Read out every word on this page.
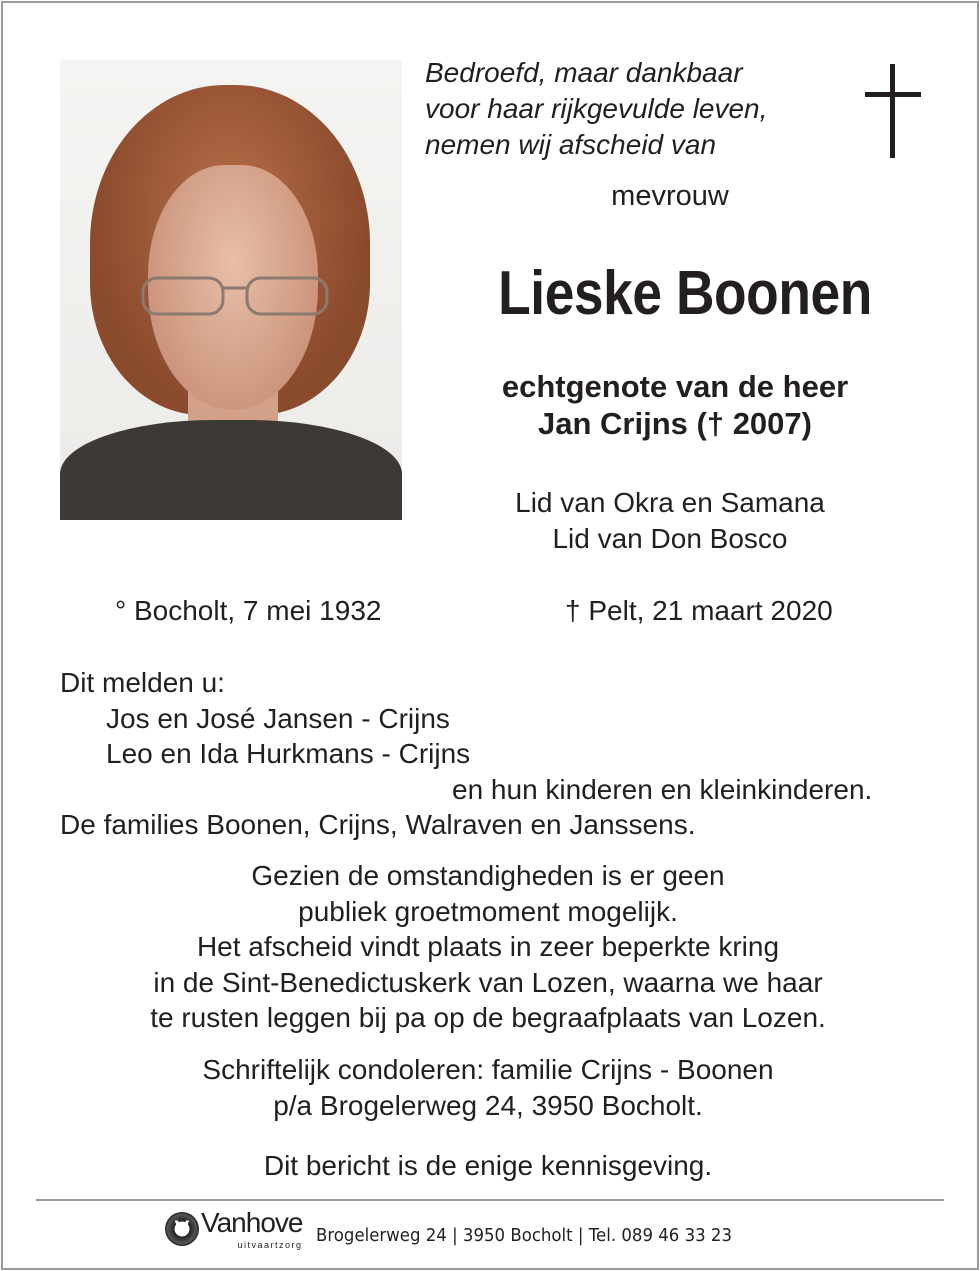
Bedroefd, maar dankbaar
voor haar rijkgevulde leven,
nemen wij afscheid van
mevrouw
Lieske Boonen
echtgenote van de heer
Jan Crijns († 2007)
Lid van Okra en Samana
Lid van Don Bosco
° Bocholt, 7 mei 1932	† Pelt, 21 maart 2020
Dit melden u:
Jos en José Jansen - Crijns
Leo en Ida Hurkmans - Crijns
en hun kinderen en kleinkinderen.
De families Boonen, Crijns, Walraven en Janssens.
Gezien de omstandigheden is er geen
publiek groetmoment mogelijk.
Het afscheid vindt plaats in zeer beperkte kring
in de Sint-Benedictuskerk van Lozen, waarna we haar
te rusten leggen bij pa op de begraafplaats van Lozen.
Schriftelijk condoleren: familie Crijns - Boonen
p/a Brogelerweg 24, 3950 Bocholt.
Dit bericht is de enige kennisgeving.
V Vanhove
uitvaartzorg Brogelerweg 24 | 3950 Bocholt | Tel. 089 46 33 23
